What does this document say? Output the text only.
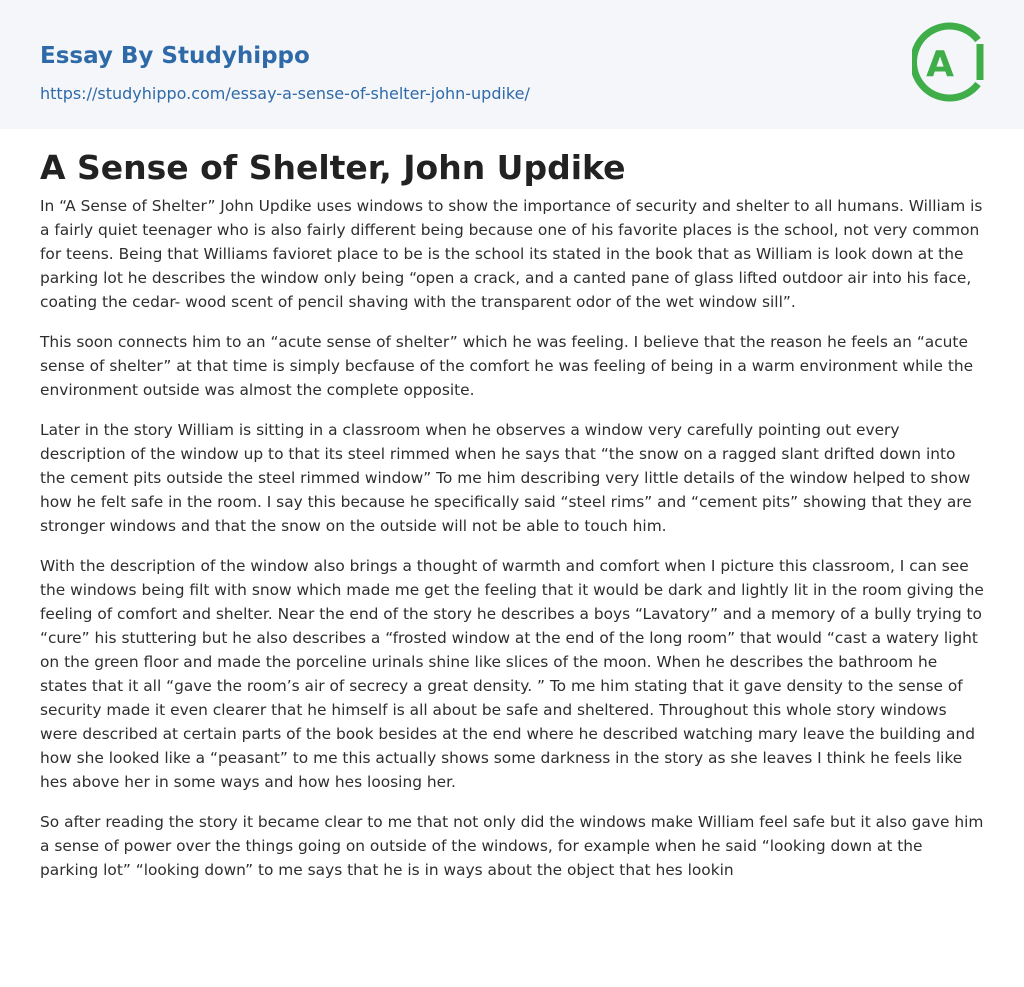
Essay By Studyhippo
https://studyhippo.com/essay-a-sense-of-shelter-john-updike/
A
A Sense of Shelter, John Updike

In “A Sense of Shelter” John Updike uses windows to show the importance of security and shelter to all humans. William is a fairly quiet teenager who is also fairly different being because one of his favorite places is the school, not very common for teens. Being that Williams favioret place to be is the school its stated in the book that as William is look down at the parking lot he describes the window only being “open a crack, and a canted pane of glass lifted outdoor air into his face, coating the cedar- wood scent of pencil shaving with the transparent odor of the wet window sill”.

This soon connects him to an “acute sense of shelter” which he was feeling. I believe that the reason he feels an “acute sense of shelter” at that time is simply becfause of the comfort he was feeling of being in a warm environment while the environment outside was almost the complete opposite.

Later in the story William is sitting in a classroom when he observes a window very carefully pointing out every description of the window up to that its steel rimmed when he says that “the snow on a ragged slant drifted down into the cement pits outside the steel rimmed window” To me him describing very little details of the window helped to show how he felt safe in the room. I say this because he specifically said “steel rims” and “cement pits” showing that they are stronger windows and that the snow on the outside will not be able to touch him.

With the description of the window also brings a thought of warmth and comfort when I picture this classroom, I can see the windows being filt with snow which made me get the feeling that it would be dark and lightly lit in the room giving the feeling of comfort and shelter. Near the end of the story he describes a boys “Lavatory” and a memory of a bully trying to “cure” his stuttering but he also describes a “frosted window at the end of the long room” that would “cast a watery light on the green floor and made the porceline urinals shine like slices of the moon. When he describes the bathroom he states that it all “gave the room’s air of secrecy a great density. ” To me him stating that it gave density to the sense of security made it even clearer that he himself is all about be safe and sheltered. Throughout this whole story windows were described at certain parts of the book besides at the end where he described watching mary leave the building and how she looked like a “peasant” to me this actually shows some darkness in the story as she leaves I think he feels like hes above her in some ways and how hes loosing her.

So after reading the story it became clear to me that not only did the windows make William feel safe but it also gave him a sense of power over the things going on outside of the windows, for example when he said “looking down at the parking lot” “looking down” to me says that he is in ways about the object that hes lookin
